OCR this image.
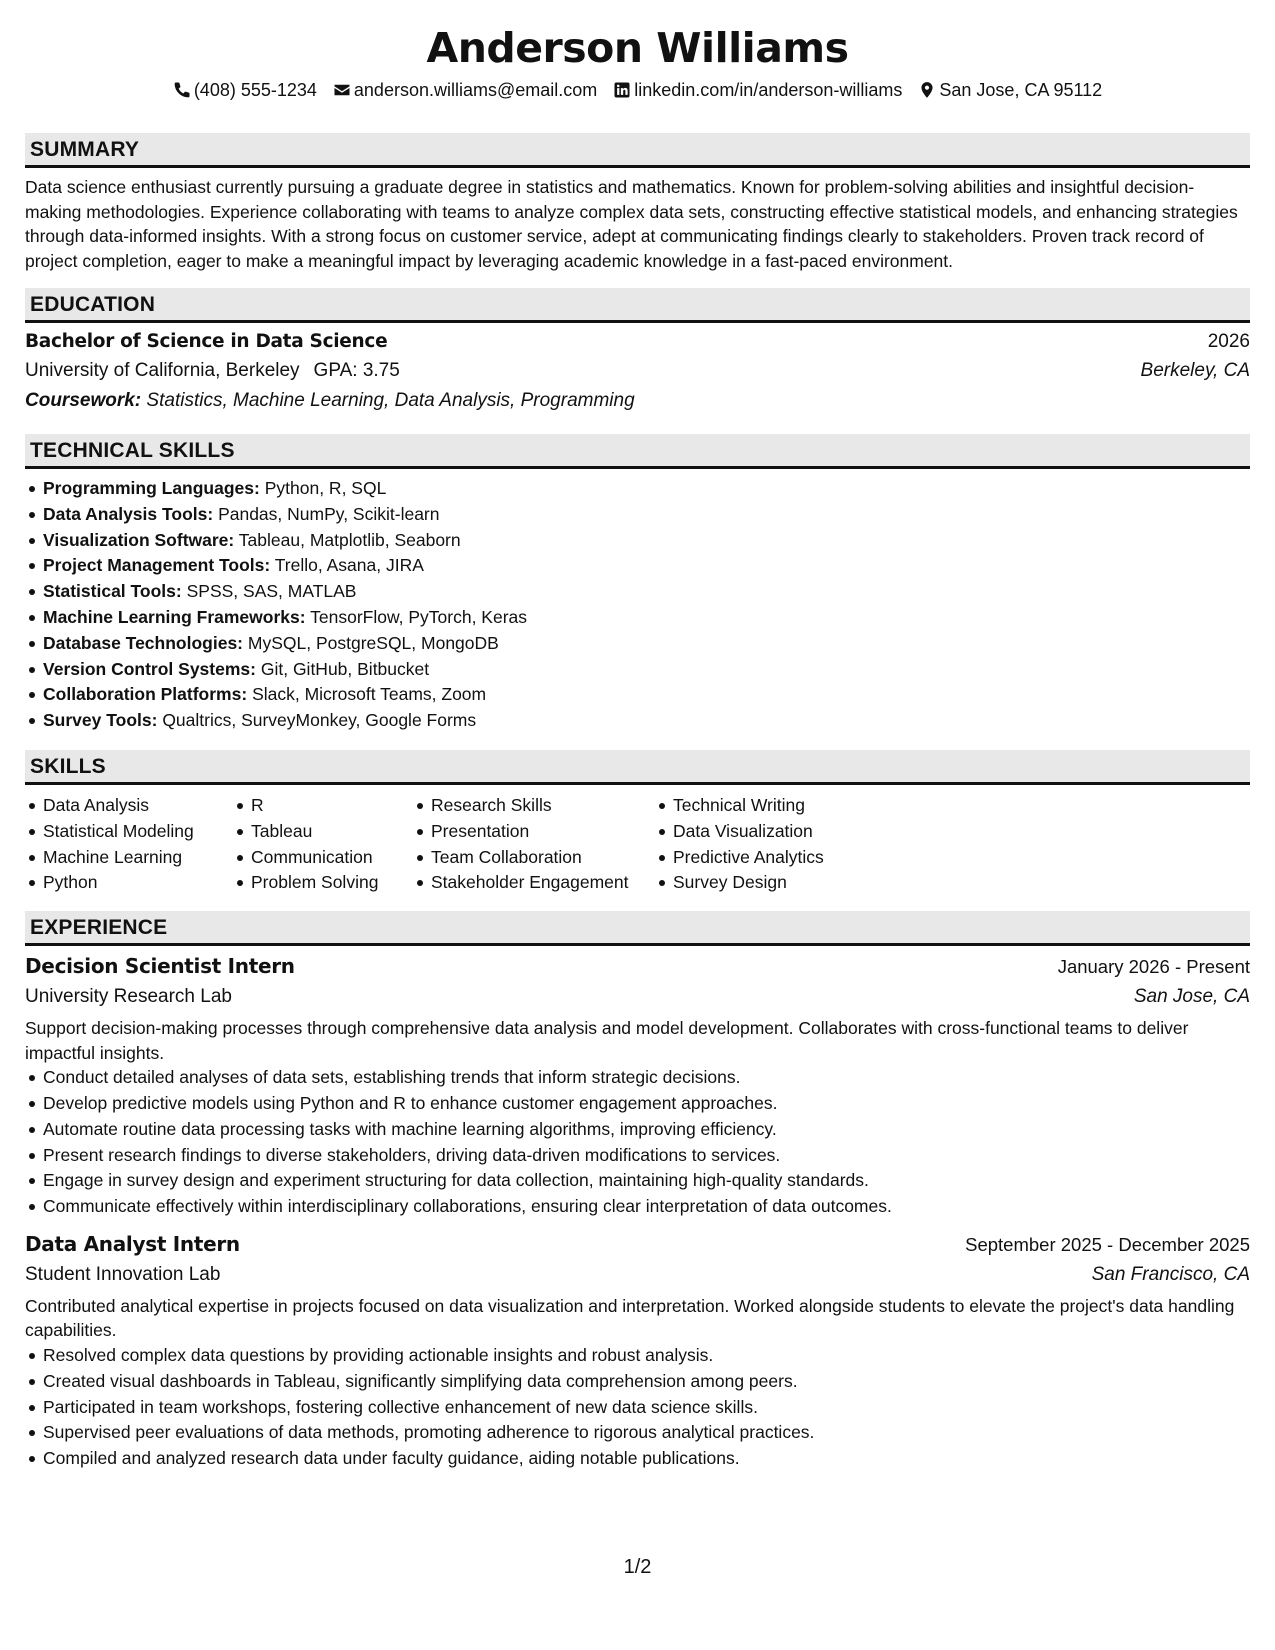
Anderson Williams
(408) 555-1234 anderson.williams@email.com linkedin.com/in/anderson-williams San Jose, CA 95112
SUMMARY

Data science enthusiast currently pursuing a graduate degree in statistics and mathematics. Known for problem-solving abilities and insightful decision-making methodologies. Experience collaborating with teams to analyze complex data sets, constructing effective statistical models, and enhancing strategies through data-informed insights. With a strong focus on customer service, adept at communicating findings clearly to stakeholders. Proven track record of project completion, eager to make a meaningful impact by leveraging academic knowledge in a fast-paced environment.

EDUCATION
Bachelor of Science in Data Science	2026
University of California, Berkeley GPA: 3.75	Berkeley, CA
Coursework: Statistics, Machine Learning, Data Analysis, Programming
TECHNICAL SKILLS
Programming Languages: Python, R, SQL
Data Analysis Tools: Pandas, NumPy, Scikit-learn
Visualization Software: Tableau, Matplotlib, Seaborn
Project Management Tools: Trello, Asana, JIRA
Statistical Tools: SPSS, SAS, MATLAB
Machine Learning Frameworks: TensorFlow, PyTorch, Keras
Database Technologies: MySQL, PostgreSQL, MongoDB
Version Control Systems: Git, GitHub, Bitbucket
Collaboration Platforms: Slack, Microsoft Teams, Zoom
Survey Tools: Qualtrics, SurveyMonkey, Google Forms
SKILLS
Data Analysis
Statistical Modeling
Machine Learning
Python
R
Tableau
Communication
Problem Solving
Research Skills
Presentation
Team Collaboration
Stakeholder Engagement
Technical Writing
Data Visualization
Predictive Analytics
Survey Design
EXPERIENCE
Decision Scientist Intern	January 2026 - Present
University Research Lab	San Jose, CA

Support decision-making processes through comprehensive data analysis and model development. Collaborates with cross-functional teams to deliver impactful insights.

Conduct detailed analyses of data sets, establishing trends that inform strategic decisions.
Develop predictive models using Python and R to enhance customer engagement approaches.
Automate routine data processing tasks with machine learning algorithms, improving efficiency.
Present research findings to diverse stakeholders, driving data-driven modifications to services.
Engage in survey design and experiment structuring for data collection, maintaining high-quality standards.
Communicate effectively within interdisciplinary collaborations, ensuring clear interpretation of data outcomes.
Data Analyst Intern	September 2025 - December 2025
Student Innovation Lab	San Francisco, CA

Contributed analytical expertise in projects focused on data visualization and interpretation. Worked alongside students to elevate the project's data handling capabilities.

Resolved complex data questions by providing actionable insights and robust analysis.
Created visual dashboards in Tableau, significantly simplifying data comprehension among peers.
Participated in team workshops, fostering collective enhancement of new data science skills.
Supervised peer evaluations of data methods, promoting adherence to rigorous analytical practices.
Compiled and analyzed research data under faculty guidance, aiding notable publications.
1/2
